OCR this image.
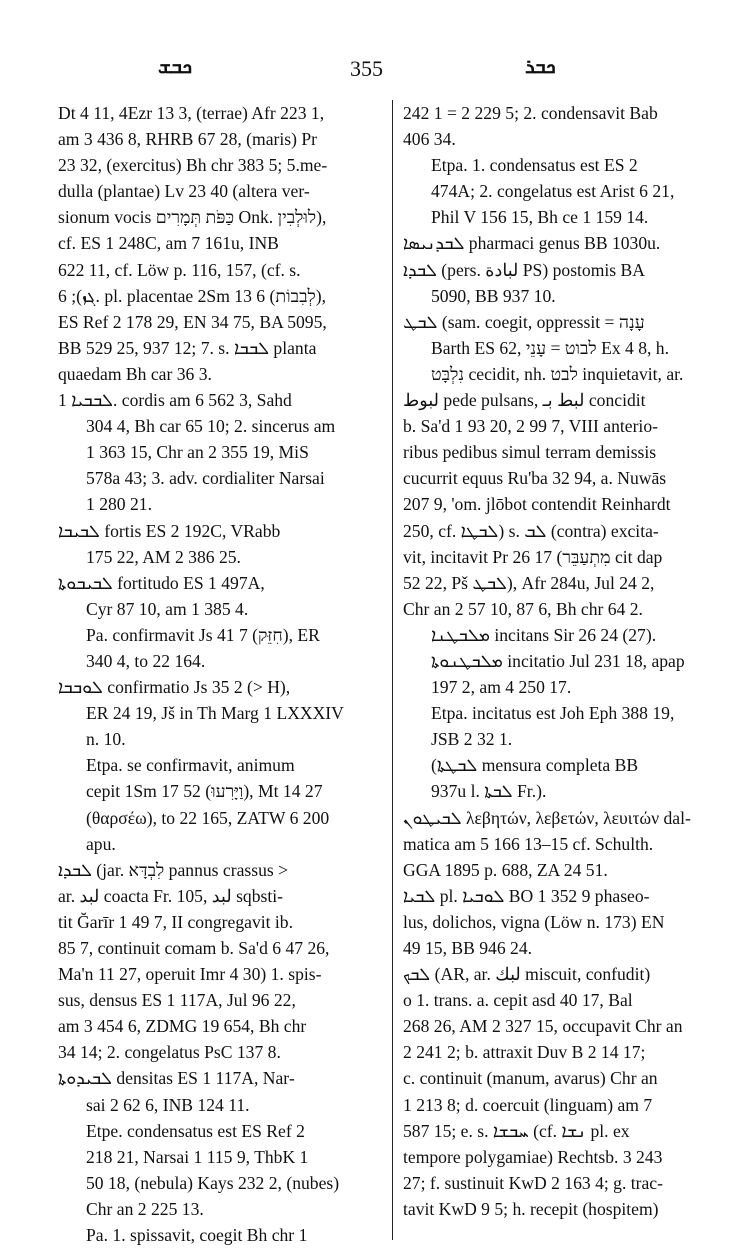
ܟܒܫ	355	ܟܒܪ
Dt 4 11, 4Ezr 13 3, (terrae) Afr 223 1,
am 3 436 8, RHRB 67 28, (maris) Pr
23 32, (exercitus) Bh chr 383 5; 5.me-
dulla (plantae) Lv 23 40 (altera ver-
sionum vocis כַּפֹּת תְּמָרִים Onk. לוּלְבִין),
cf. ES 1 248C, am 7 161u, INB
622 11, cf. Löw p. 116, 157, (cf. s.
ܓܙ); 6. pl. placentae 2Sm 13 6 (לְבִבוֹת),
ES Ref 2 178 29, EN 34 75, BA 5095,
BB 529 25, 937 12; 7. s. ܠܒܒܐ planta
quaedam Bh car 36 3.
ܠܒܒܝܐ 1. cordis am 6 562 3, Sahd
304 4, Bh car 65 10; 2. sincerus am
1 363 15, Chr an 2 355 19, MiS
578a 43; 3. adv. cordialiter Narsai
1 280 21.
ܠܒܝܒܐ fortis ES 2 192C, VRabb
175 22, AM 2 386 25.
ܠܒܝܒܘܬܐ fortitudo ES 1 497A,
Cyr 87 10, am 1 385 4.
Pa. confirmavit Js 41 7 (חִזֵּק), ER
340 4, to 22 164.
ܠܘܒܒܐ confirmatio Js 35 2 (> H),
ER 24 19, Jš in Th Marg 1 LXXXIV
n. 10.
Etpa. se confirmavit, animum
cepit 1Sm 17 52 (וַיָּרִעוּ), Mt 14 27
(θαρσέω), to 22 165, ZATW 6 200
apu.
ܠܒܕܐ (jar. לִבְדָּא pannus crassus >
ar. لبد coacta Fr. 105, لبد sqbsti-
tit Ğarīr 1 49 7, II congregavit ib.
85 7, continuit comam b. Sa'd 6 47 26,
Ma'n 11 27, operuit Imr 4 30) 1. spis-
sus, densus ES 1 117A, Jul 96 22,
am 3 454 6, ZDMG 19 654, Bh chr
34 14; 2. congelatus PsC 137 8.
ܠܒܝܕܘܬܐ densitas ES 1 117A, Nar-
sai 2 62 6, INB 124 11.
Etpe. condensatus est ES Ref 2
218 21, Narsai 1 115 9, ThbK 1
50 18, (nebula) Kays 232 2, (nubes)
Chr an 2 225 13.
Pa. 1. spissavit, coegit Bh chr 1
242 1 = 2 229 5; 2. condensavit Bab
406 34.
Etpa. 1. condensatus est ES 2
474A; 2. congelatus est Arist 6 21,
Phil V 156 15, Bh ce 1 159 14.
ܠܒܕܢܝܣܐ pharmaci genus BB 1030u.
ܠܒܕܐ (pers. لبادة PS) postomis BA
5090, BB 937 10.
ܠܒܛ (sam. coegit, oppressit = עָנָה
Barth ES 62, לבוט = עָנֵי Ex 4 8, h.
נִלְבָּט cecidit, nh. לבט inquietavit, ar.
لبوط pede pulsans, لبط بـ concidit
b. Sa'd 1 93 20, 2 99 7, VIII anterio-
ribus pedibus simul terram demissis
cucurrit equus Ru'ba 32 94, a. Nuwās
207 9, 'om. jlōbot contendit Reinhardt
250, cf. ܠܒܛܐ) s. ܠܒ (contra) excita-
vit, incitavit Pr 26 17 (מִתְעַבֵּר cit dap
52 22, Pš ܠܒܛ), Afr 284u, Jul 24 2,
Chr an 2 57 10, 87 6, Bh chr 64 2.
ܡܠܒܛܢܐ incitans Sir 26 24 (27).
ܡܠܒܛܢܘܬܐ incitatio Jul 231 18, apap
197 2, am 4 250 17.
Etpa. incitatus est Joh Eph 388 19,
JSB 2 32 1.
(ܠܒܛܬܐ mensura completa BB
937u l. ܠܒܬܐ Fr.).
ܠܒܝܛܘܢ λεβητών, λεβετών, λευιτών dal-
matica am 5 166 13–15 cf. Schulth.
GGA 1895 p. 688, ZA 24 51.
ܠܒܝܐ pl. ܠܘܒܝܐ BO 1 352 9 phaseo-
lus, dolichos, vigna (Löw n. 173) EN
49 15, BB 946 24.
ܠܒܟ (AR, ar. لبك miscuit, confudit)
o 1. trans. a. cepit asd 40 17, Bal
268 26, AM 2 327 15, occupavit Chr an
2 241 2; b. attraxit Duv B 2 14 17;
c. continuit (manum, avarus) Chr an
1 213 8; d. coercuit (linguam) am 7
587 15; e. s. ܚܒܫܐ (cf. ܢܫܐ pl. ex
tempore polygamiae) Rechtsb. 3 243
27; f. sustinuit KwD 2 163 4; g. trac-
tavit KwD 9 5; h. recepit (hospitem)
